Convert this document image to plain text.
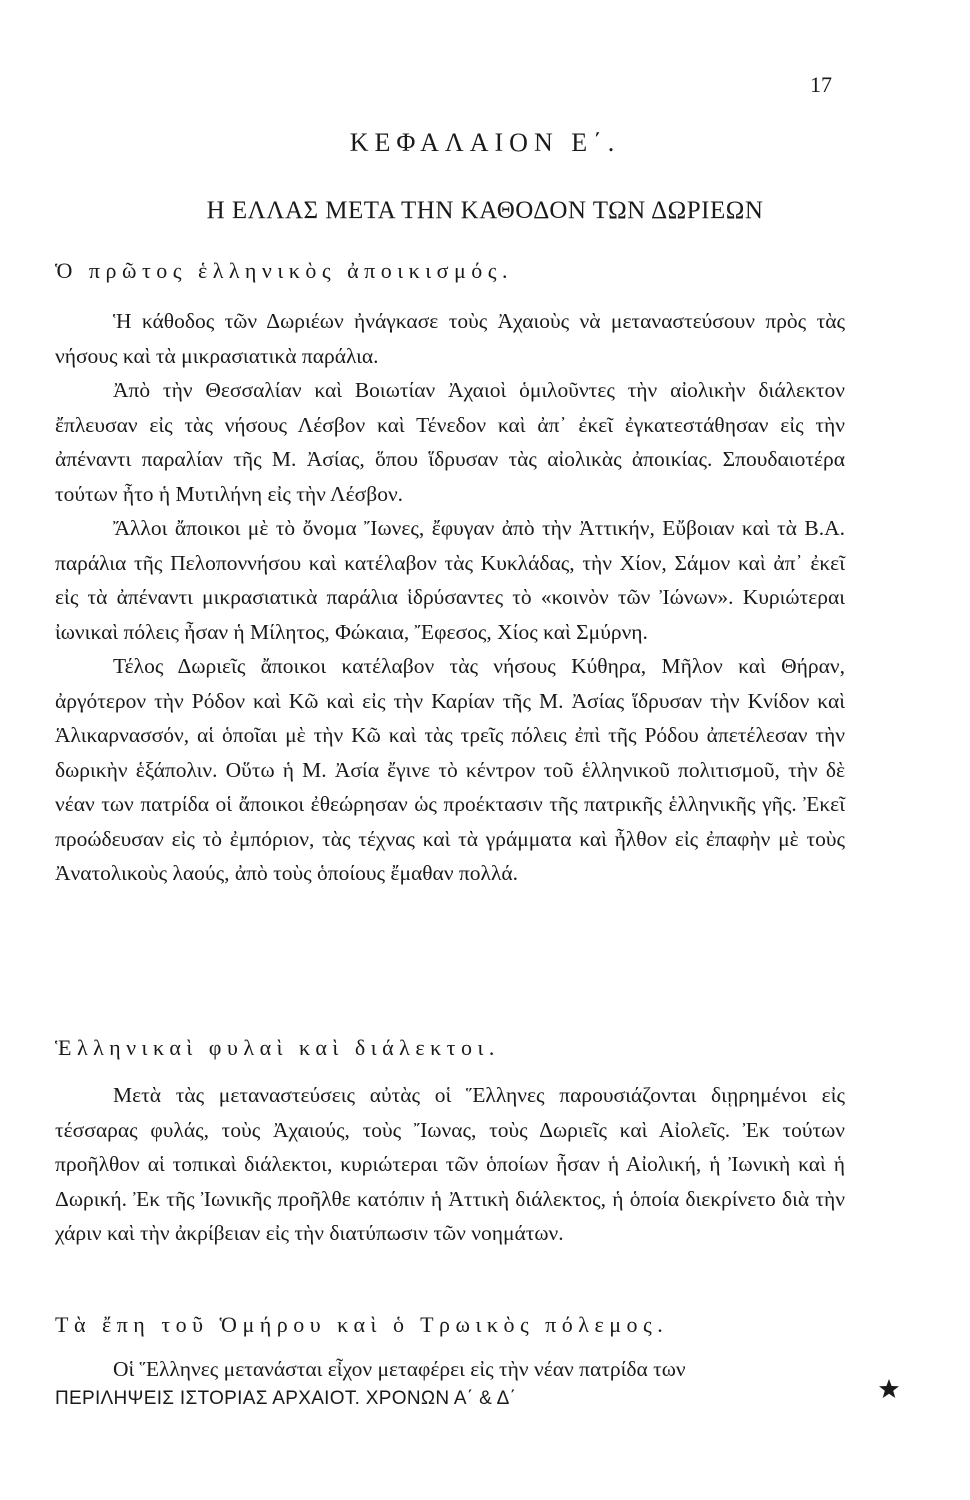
17
ΚΕΦΑΛΑΙΟΝ Ε΄.
Η ΕΛΛΑΣ ΜΕΤΑ ΤΗΝ ΚΑΘΟΔΟΝ ΤΩΝ ΔΩΡΙΕΩΝ
Ὁ πρῶτος ἑλληνικὸς ἀποικισμός.

Ἡ κάθοδος τῶν Δωριέων ἠνάγκασε τοὺς Ἀχαιοὺς νὰ μεταναστεύσουν πρὸς τὰς νήσους καὶ τὰ μικρασιατικὰ παράλια.

Ἀπὸ τὴν Θεσσαλίαν καὶ Βοιωτίαν Ἀχαιοὶ ὁμιλοῦντες τὴν αἰολικὴν διάλεκτον ἔπλευσαν εἰς τὰς νήσους Λέσβον καὶ Τένεδον καὶ ἀπ᾽ ἐκεῖ ἐγκατεστάθησαν εἰς τὴν ἀπέναντι παραλίαν τῆς Μ. Ἀσίας, ὅπου ἵδρυσαν τὰς αἰολικὰς ἀποικίας. Σπουδαιοτέρα τούτων ἦτο ἡ Μυτιλήνη εἰς τὴν Λέσβον.

Ἄλλοι ἄποικοι μὲ τὸ ὄνομα Ἴωνες, ἔφυγαν ἀπὸ τὴν Ἀττικήν, Εὔβοιαν καὶ τὰ Β.Α. παράλια τῆς Πελοποννήσου καὶ κατέλαβον τὰς Κυκλάδας, τὴν Χίον, Σάμον καὶ ἀπ᾽ ἐκεῖ εἰς τὰ ἀπέναντι μικρασιατικὰ παράλια ἱδρύσαντες τὸ «κοινὸν τῶν Ἰώνων». Κυριώτεραι ἰωνικαὶ πόλεις ἦσαν ἡ Μίλητος, Φώκαια, Ἔφεσος, Χίος καὶ Σμύρνη.

Τέλος Δωριεῖς ἄποικοι κατέλαβον τὰς νήσους Κύθηρα, Μῆλον καὶ Θήραν, ἀργότερον τὴν Ρόδον καὶ Κῶ καὶ εἰς τὴν Καρίαν τῆς Μ. Ἀσίας ἵδρυσαν τὴν Κνίδον καὶ Ἁλικαρνασσόν, αἱ ὁποῖαι μὲ τὴν Κῶ καὶ τὰς τρεῖς πόλεις ἐπὶ τῆς Ρόδου ἀπετέλεσαν τὴν δωρικὴν ἑξάπολιν. Οὕτω ἡ Μ. Ἀσία ἔγινε τὸ κέντρον τοῦ ἑλληνικοῦ πολιτισμοῦ, τὴν δὲ νέαν των πατρίδα οἱ ἄποικοι ἐθεώρησαν ὡς προέκτασιν τῆς πατρικῆς ἑλληνικῆς γῆς. Ἐκεῖ προώδευσαν εἰς τὸ ἐμπόριον, τὰς τέχνας καὶ τὰ γράμματα καὶ ἦλθον εἰς ἐπαφὴν μὲ τοὺς Ἀνατολικοὺς λαούς, ἀπὸ τοὺς ὁποίους ἔμαθαν πολλά.

Ἑλληνικαὶ φυλαὶ καὶ διάλεκτοι.

Μετὰ τὰς μεταναστεύσεις αὐτὰς οἱ Ἕλληνες παρουσιάζονται διῃρημένοι εἰς τέσσαρας φυλάς, τοὺς Ἀχαιούς, τοὺς Ἴωνας, τοὺς Δωριεῖς καὶ Αἰολεῖς. Ἐκ τούτων προῆλθον αἱ τοπικαὶ διάλεκτοι, κυριώτεραι τῶν ὁποίων ἦσαν ἡ Αἰολική, ἡ Ἰωνικὴ καὶ ἡ Δωρική. Ἐκ τῆς Ἰωνικῆς προῆλθε κατόπιν ἡ Ἀττικὴ διάλεκτος, ἡ ὁποία διεκρίνετο διὰ τὴν χάριν καὶ τὴν ἀκρίβειαν εἰς τὴν διατύπωσιν τῶν νοημάτων.

Τὰ ἔπη τοῦ Ὁμήρου καὶ ὁ Τρωικὸς πόλεμος.

Οἱ Ἕλληνες μετανάσται εἶχον μεταφέρει εἰς τὴν νέαν πατρίδα των

ΠΕΡΙΛΗΨΕΙΣ ΙΣΤΟΡΙΑΣ ΑΡΧΑΙΟΤ. ΧΡΟΝΩΝ Α΄ & Δ΄
